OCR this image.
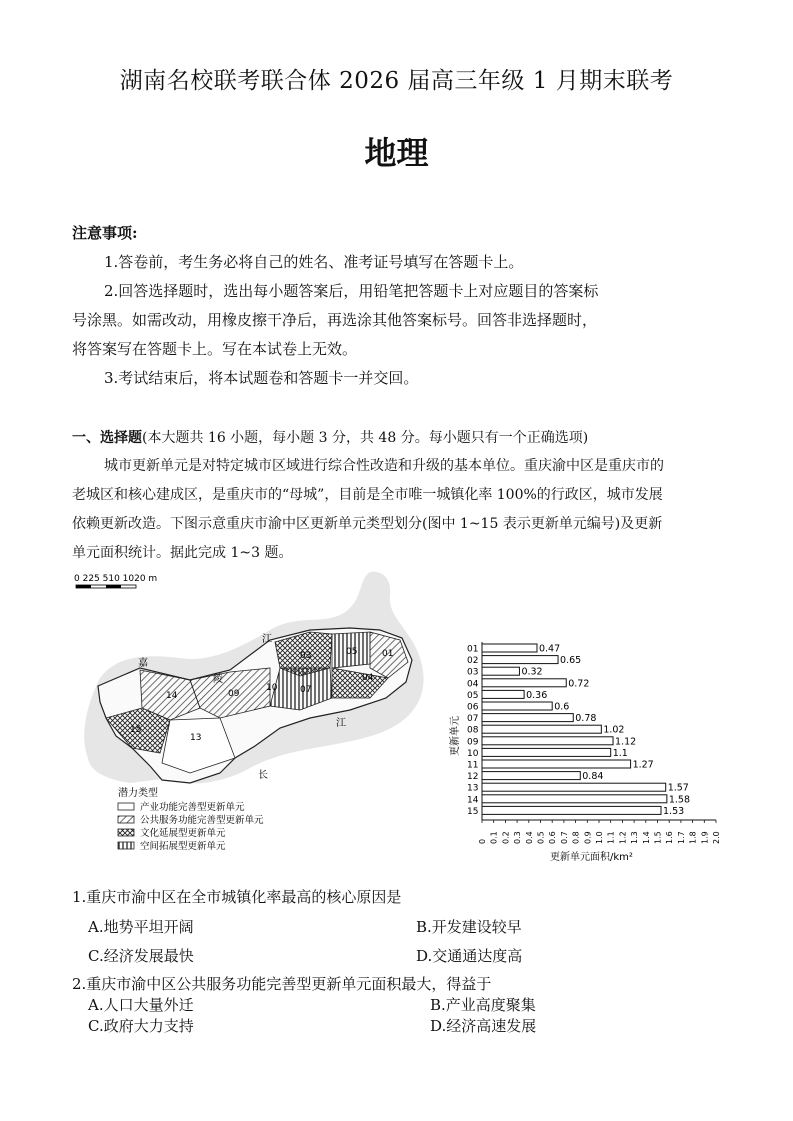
湖南名校联考联合体 2026 届高三年级 1 月期末联考
地理
注意事项:
1.答卷前，考生务必将自己的姓名、准考证号填写在答题卡上。
2.回答选择题时，选出每小题答案后，用铅笔把答题卡上对应题目的答案标
号涂黑。如需改动，用橡皮擦干净后，再选涂其他答案标号。回答非选择题时，
将答案写在答题卡上。写在本试卷上无效。
3.考试结束后，将本试题卷和答题卡一并交回。
一、选择题(本大题共 16 小题，每小题 3 分，共 48 分。每小题只有一个正确选项)
城市更新单元是对特定城市区域进行综合性改造和升级的基本单位。重庆渝中区是重庆市的
老城区和核心建成区，是重庆市的“母城”，目前是全市唯一城镇化率 100%的行政区，城市发展
依赖更新改造。下图示意重庆市渝中区更新单元类型划分(图中 1~15 表示更新单元编号)及更新
单元面积统计。据此完成 1~3 题。
0 225 510 1020 m
嘉
陵
江
长
江
03	05	01
04
07
09
10
14
13
15
潜力类型
产业功能完善型更新单元
公共服务功能完善型更新单元
文化延展型更新单元
空间拓展型更新单元
01	0.47
02	0.65
03	0.32
04	0.72
05	0.36
06	0.6
07	0.78
08	1.02
09	1.12
10	1.1
11	1.27
12	0.84
13	1.57
14	1.58
15	1.53
0 0.1 0.2 0.3 0.4 0.5 0.6 0.7 0.8 0.9 1.0 1.1 1.2 1.3 1.4 1.5 1.6 1.7 1.8 1.9 2.0
更新单元面积/km²
更新单元
1.重庆市渝中区在全市城镇化率最高的核心原因是
A.地势平坦开阔	B.开发建设较早
C.经济发展最快	D.交通通达度高
2.重庆市渝中区公共服务功能完善型更新单元面积最大，得益于
A.人口大量外迁	B.产业高度聚集
C.政府大力支持	D.经济高速发展
